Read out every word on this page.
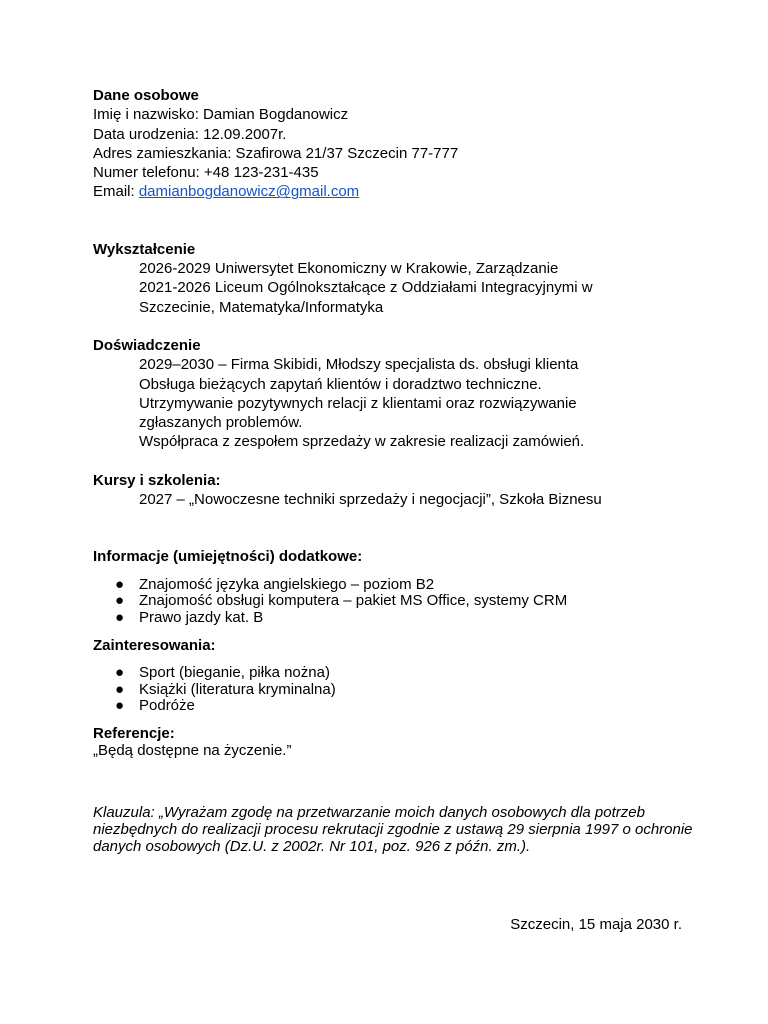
Dane osobowe
Imię i nazwisko: Damian Bogdanowicz
Data urodzenia: 12.09.2007r.
Adres zamieszkania: Szafirowa 21/37 Szczecin 77-777
Numer telefonu: +48 123-231-435
Email: damianbogdanowicz@gmail.com
Wykształcenie
2026-2029 Uniwersytet Ekonomiczny w Krakowie, Zarządzanie
2021-2026 Liceum Ogólnokształcące z Oddziałami Integracyjnymi w Szczecinie, Matematyka/Informatyka
Doświadczenie
2029–2030 – Firma Skibidi, Młodszy specjalista ds. obsługi klienta
Obsługa bieżących zapytań klientów i doradztwo techniczne.
Utrzymywanie pozytywnych relacji z klientami oraz rozwiązywanie zgłaszanych problemów.
Współpraca z zespołem sprzedaży w zakresie realizacji zamówień.
Kursy i szkolenia:
2027 – „Nowoczesne techniki sprzedaży i negocjacji”, Szkoła Biznesu
Informacje (umiejętności) dodatkowe:
● Znajomość języka angielskiego – poziom B2
● Znajomość obsługi komputera – pakiet MS Office, systemy CRM
● Prawo jazdy kat. B
Zainteresowania:
● Sport (bieganie, piłka nożna)
● Książki (literatura kryminalna)
● Podróże
Referencje:
„Będą dostępne na życzenie.”
Klauzula: „Wyrażam zgodę na przetwarzanie moich danych osobowych dla potrzeb niezbędnych do realizacji procesu rekrutacji zgodnie z ustawą 29 sierpnia 1997 o ochronie danych osobowych (Dz.U. z 2002r. Nr 101, poz. 926 z późn. zm.).
Szczecin, 15 maja 2030 r.
